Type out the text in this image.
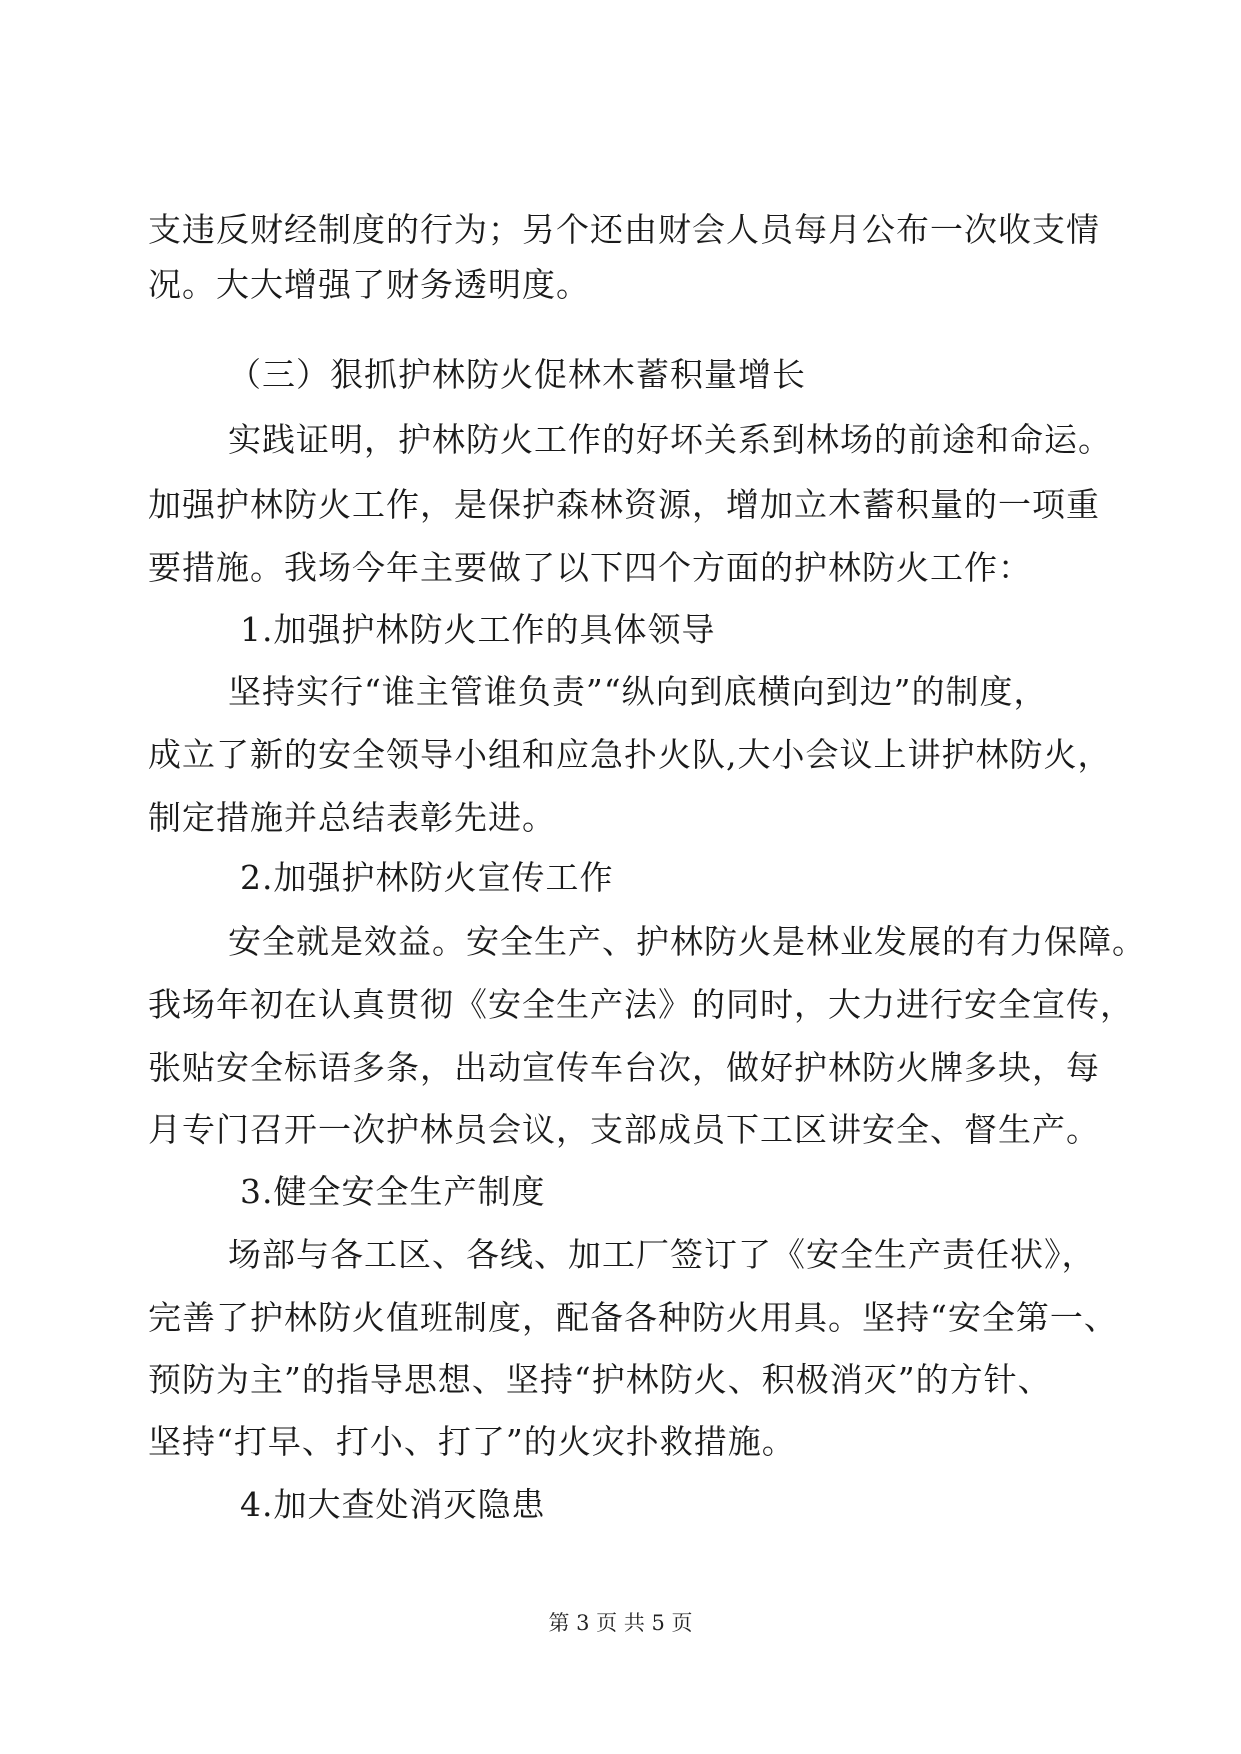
支违反财经制度的行为；另个还由财会人员每月公布一次收支情
况。大大增强了财务透明度。
（三）狠抓护林防火促林木蓄积量增长
实践证明，护林防火工作的好坏关系到林场的前途和命运。
加强护林防火工作，是保护森林资源，增加立木蓄积量的一项重
要措施。我场今年主要做了以下四个方面的护林防火工作：
1.加强护林防火工作的具体领导
坚持实行“谁主管谁负责”“纵向到底横向到边”的制度，
成立了新的安全领导小组和应急扑火队,大小会议上讲护林防火，
制定措施并总结表彰先进。
2.加强护林防火宣传工作
安全就是效益。安全生产、护林防火是林业发展的有力保障。
我场年初在认真贯彻《安全生产法》的同时，大力进行安全宣传，
张贴安全标语多条，出动宣传车台次，做好护林防火牌多块，每
月专门召开一次护林员会议，支部成员下工区讲安全、督生产。
3.健全安全生产制度
场部与各工区、各线、加工厂签订了《安全生产责任状》，
完善了护林防火值班制度，配备各种防火用具。坚持“安全第一、
预防为主”的指导思想、坚持“护林防火、积极消灭”的方针、
坚持“打早、打小、打了”的火灾扑救措施。
4.加大查处消灭隐患
第 3 页 共 5 页
